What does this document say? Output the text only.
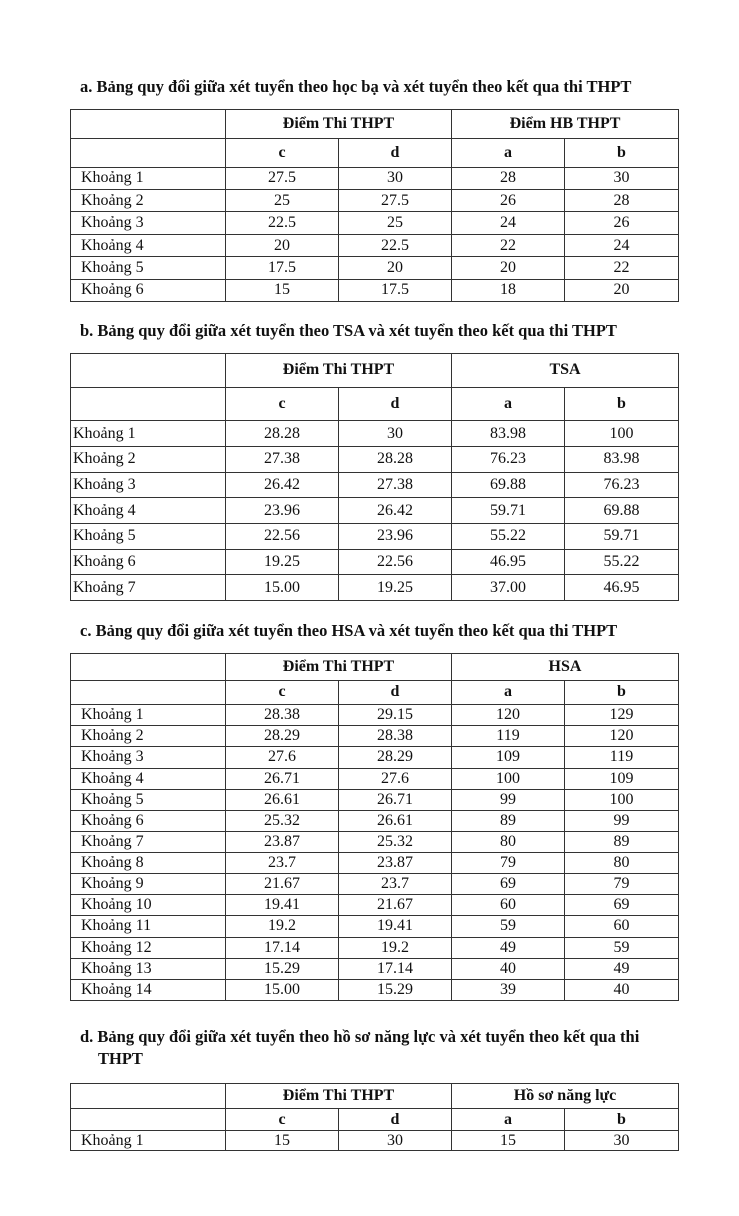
a. Bảng quy đổi giữa xét tuyển theo học bạ và xét tuyển theo kết qua thi THPT

	Điểm Thi THPT		Điểm HB THPT	
	c	d	a	b
Khoảng 1	27.5	30	28	30
Khoảng 2	25	27.5	26	28
Khoảng 3	22.5	25	24	26
Khoảng 4	20	22.5	22	24
Khoảng 5	17.5	20	20	22
Khoảng 6	15	17.5	18	20

b. Bảng quy đổi giữa xét tuyển theo TSA và xét tuyển theo kết qua thi THPT

	Điểm Thi THPT		TSA	
	c	d	a	b
Khoảng 1	28.28	30	83.98	100
Khoảng 2	27.38	28.28	76.23	83.98
Khoảng 3	26.42	27.38	69.88	76.23
Khoảng 4	23.96	26.42	59.71	69.88
Khoảng 5	22.56	23.96	55.22	59.71
Khoảng 6	19.25	22.56	46.95	55.22
Khoảng 7	15.00	19.25	37.00	46.95

c. Bảng quy đổi giữa xét tuyển theo HSA và xét tuyển theo kết qua thi THPT

	Điểm Thi THPT		HSA	
	c	d	a	b
Khoảng 1	28.38	29.15	120	129
Khoảng 2	28.29	28.38	119	120
Khoảng 3	27.6	28.29	109	119
Khoảng 4	26.71	27.6	100	109
Khoảng 5	26.61	26.71	99	100
Khoảng 6	25.32	26.61	89	99
Khoảng 7	23.87	25.32	80	89
Khoảng 8	23.7	23.87	79	80
Khoảng 9	21.67	23.7	69	79
Khoảng 10	19.41	21.67	60	69
Khoảng 11	19.2	19.41	59	60
Khoảng 12	17.14	19.2	49	59
Khoảng 13	15.29	17.14	40	49
Khoảng 14	15.00	15.29	39	40

d. Bảng quy đổi giữa xét tuyển theo hồ sơ năng lực và xét tuyển theo kết qua thi
THPT

	Điểm Thi THPT		Hồ sơ năng lực	
	c	d	a	b
Khoảng 1	15	30	15	30
